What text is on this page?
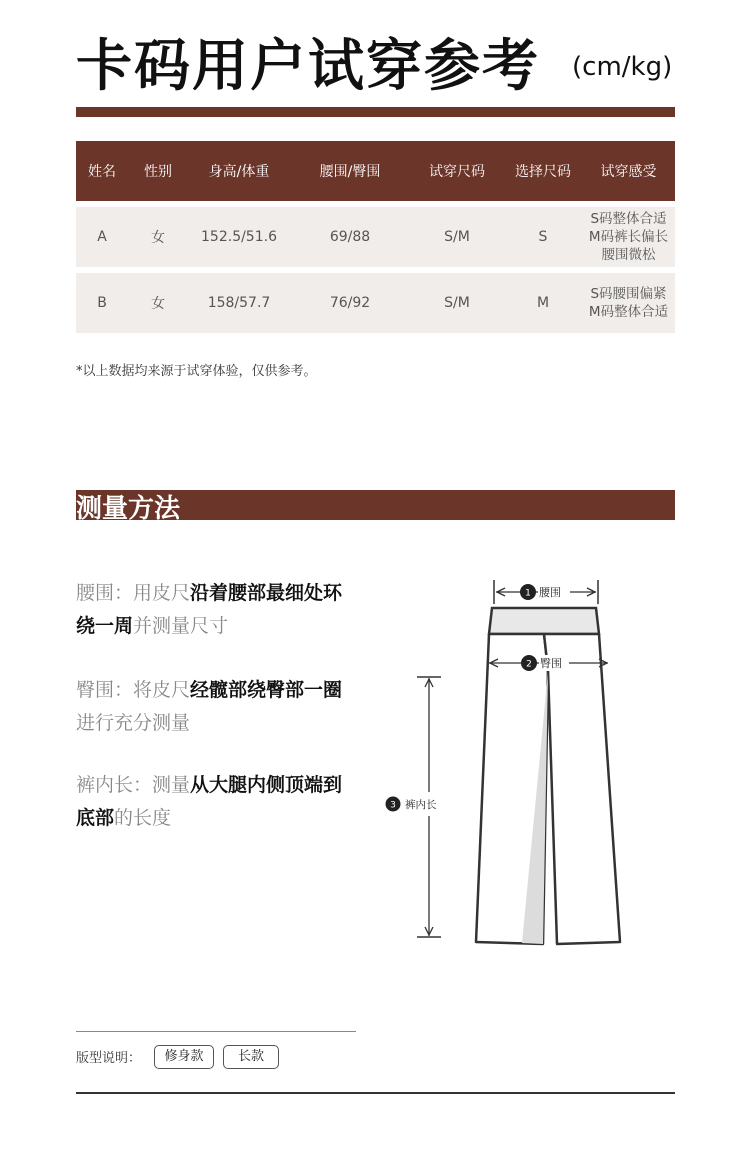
卡码用户试穿参考 (cm/kg)
姓名	性别	身高/体重	腰围/臀围	试穿尺码	选择尺码	试穿感受
A	女	152.5/51.6	69/88	S/M	S	S码整体合适
M码裤长偏长
腰围微松

B	女	158/57.7	76/92	S/M	M	S码腰围偏紧
M码整体合适
*以上数据均来源于试穿体验，仅供参考。
测量方法
腰围：用皮尺沿着腰部最细处环绕一周并测量尺寸
臀围：将皮尺经髋部绕臀部一圈进行充分测量
裤内长：测量从大腿内侧顶端到底部的长度
1 腰围
2 臀围
3 裤内长
版型说明：	修身款	长款
